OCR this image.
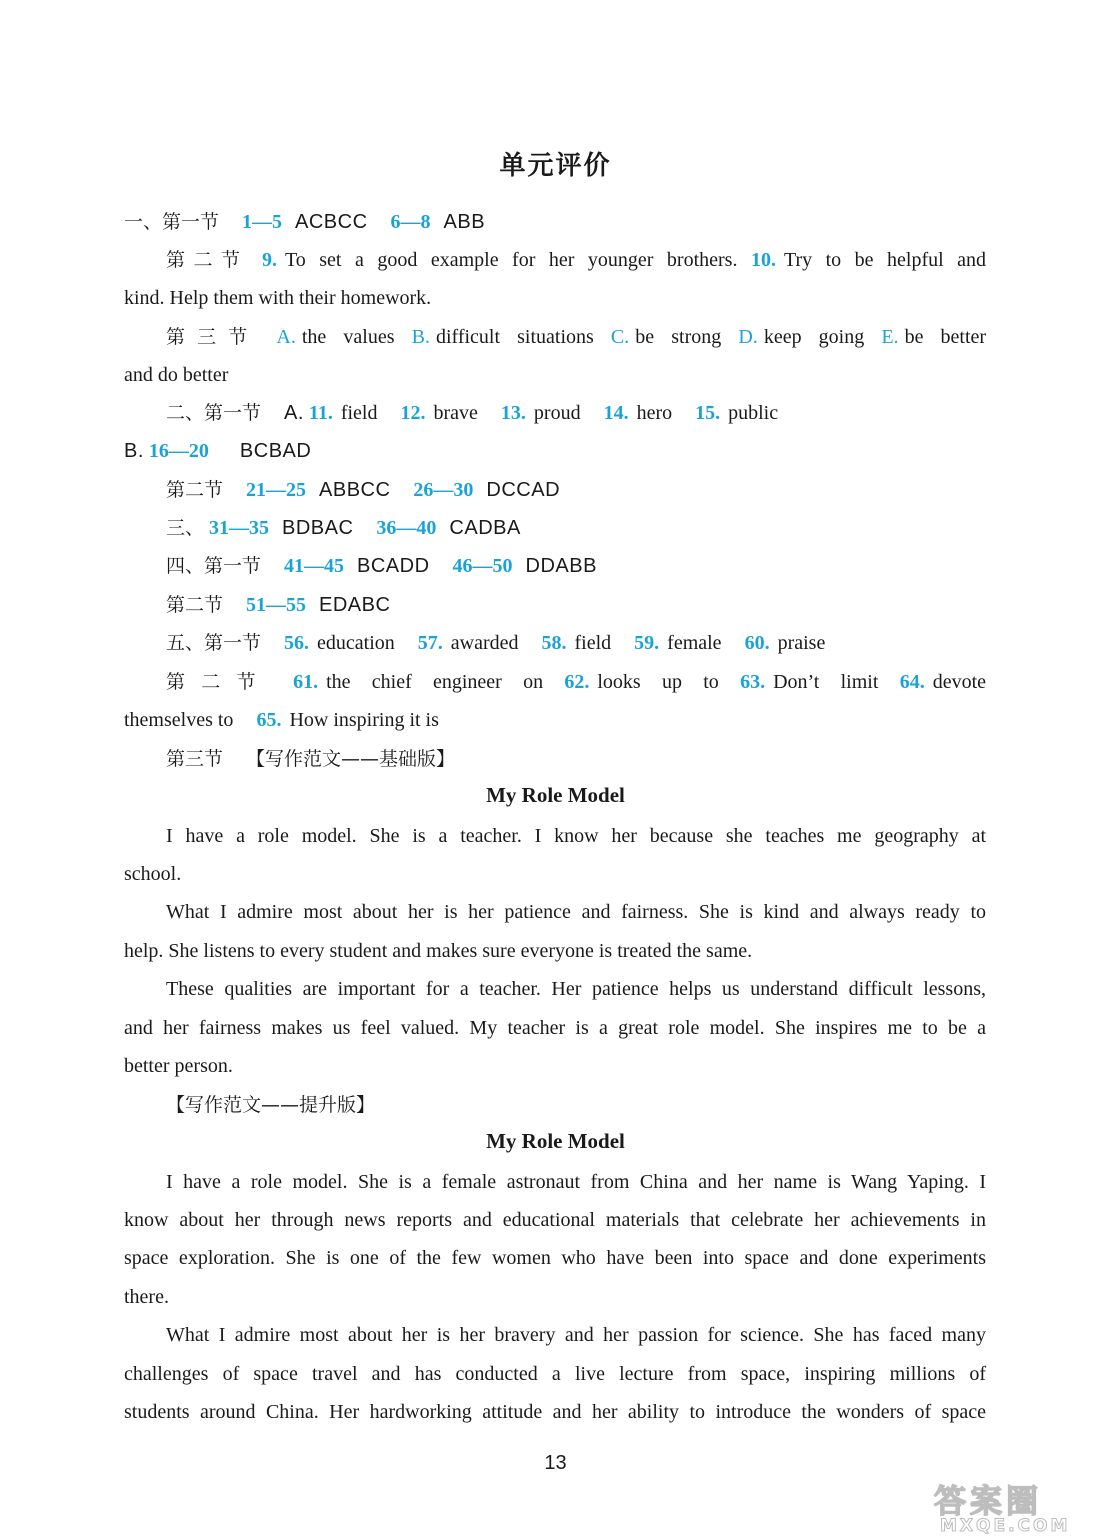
单元评价
一、第一节 1—5 ACBCC 6—8 ABB
第二节 9. To set a good example for her younger brothers. 10. Try to be helpful and
kind. Help them with their homework.
第三节 A. the values B. difficult situations C. be strong D. keep going E. be better
and do better
二、第一节 A. 11. field 12. brave 13. proud 14. hero 15. public
B. 16—20 BCBAD
第二节 21—25 ABBCC 26—30 DCCAD
三、 31—35 BDBAC 36—40 CADBA
四、第一节 41—45 BCADD 46—50 DDABB
第二节 51—55 EDABC
五、第一节 56. education 57. awarded 58. field 59. female 60. praise
第二节 61. the chief engineer on 62. looks up to 63. Don’t limit 64. devote
themselves to 65. How inspiring it is
第三节 【写作范文——基础版】
My Role Model
I have a role model. She is a teacher. I know her because she teaches me geography at
school.
What I admire most about her is her patience and fairness. She is kind and always ready to
help. She listens to every student and makes sure everyone is treated the same.
These qualities are important for a teacher. Her patience helps us understand difficult lessons,
and her fairness makes us feel valued. My teacher is a great role model. She inspires me to be a
better person.
【写作范文——提升版】
My Role Model
I have a role model. She is a female astronaut from China and her name is Wang Yaping. I
know about her through news reports and educational materials that celebrate her achievements in
space exploration. She is one of the few women who have been into space and done experiments
there.
What I admire most about her is her bravery and her passion for science. She has faced many
challenges of space travel and has conducted a live lecture from space, inspiring millions of
students around China. Her hardworking attitude and her ability to introduce the wonders of space
13
答案圈
MXQE.COM
